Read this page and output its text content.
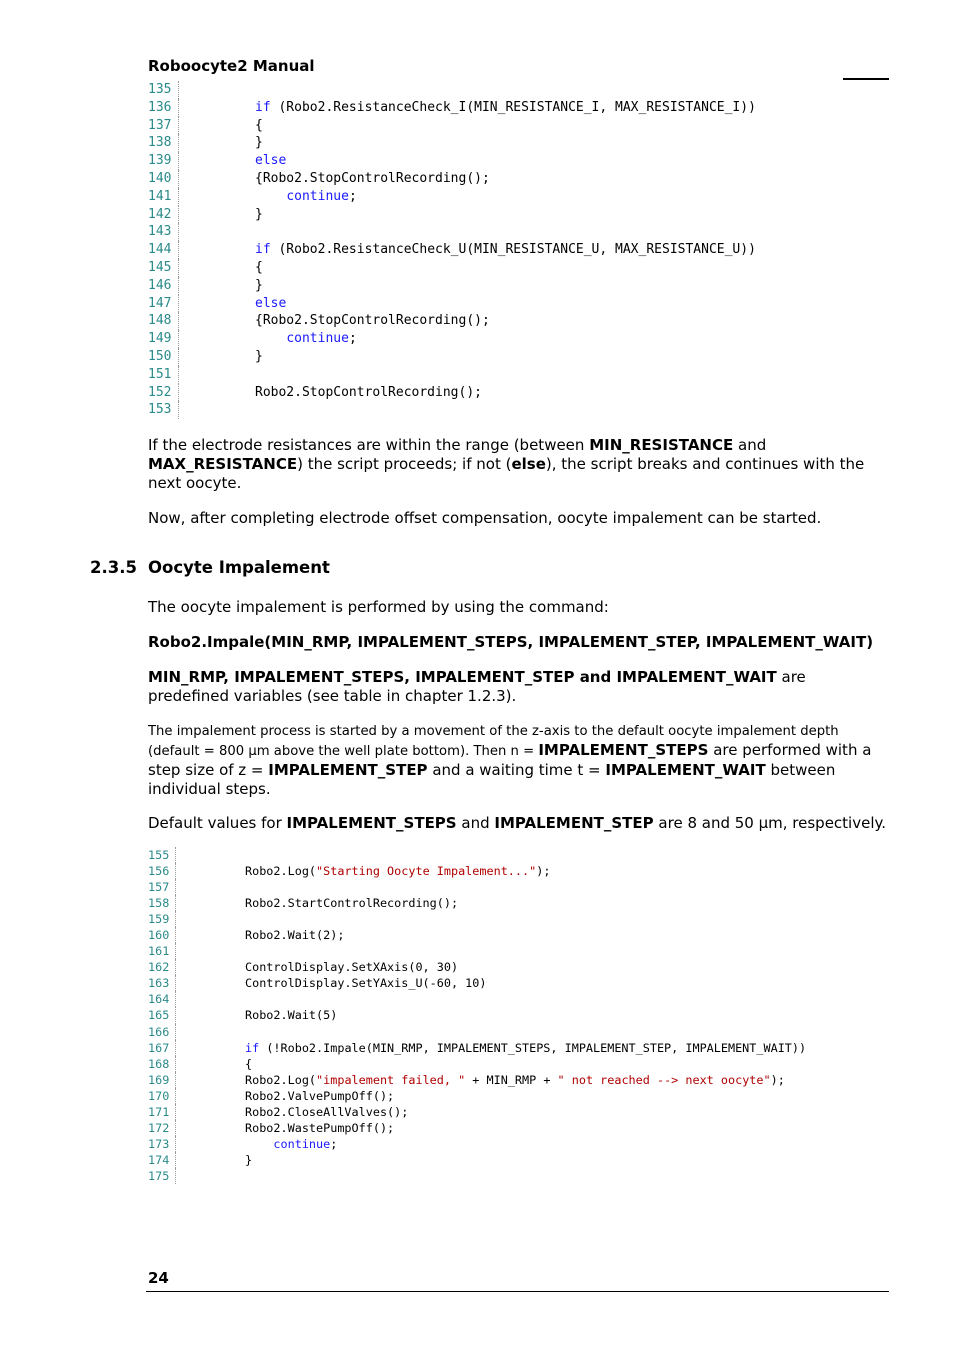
Roboocyte2 Manual
135
136	if (Robo2.ResistanceCheck_I(MIN_RESISTANCE_I, MAX_RESISTANCE_I))
137	{
138	}
139	else
140	{Robo2.StopControlRecording();
141	continue;
142	}
143
144	if (Robo2.ResistanceCheck_U(MIN_RESISTANCE_U, MAX_RESISTANCE_U))
145	{
146	}
147	else
148	{Robo2.StopControlRecording();
149	continue;
150	}
151
152	Robo2.StopControlRecording();
153
If the electrode resistances are within the range (between MIN_RESISTANCE and MAX_RESISTANCE) the script proceeds; if not (else), the script breaks and continues with the next oocyte.
Now, after completing electrode offset compensation, oocyte impalement can be started.
2.3.5 Oocyte Impalement
The oocyte impalement is performed by using the command:
Robo2.Impale(MIN_RMP, IMPALEMENT_STEPS, IMPALEMENT_STEP, IMPALEMENT_WAIT)
MIN_RMP, IMPALEMENT_STEPS, IMPALEMENT_STEP and IMPALEMENT_WAIT are predefined variables (see table in chapter 1.2.3).
The impalement process is started by a movement of the z-axis to the default oocyte impalement depth (default = 800 µm above the well plate bottom). Then n = IMPALEMENT_STEPS are performed with a step size of z = IMPALEMENT_STEP and a waiting time t = IMPALEMENT_WAIT between individual steps.
Default values for IMPALEMENT_STEPS and IMPALEMENT_STEP are 8 and 50 µm, respectively.
155
156	Robo2.Log("Starting Oocyte Impalement...");
157
158	Robo2.StartControlRecording();
159
160	Robo2.Wait(2);
161
162	ControlDisplay.SetXAxis(0, 30)
163	ControlDisplay.SetYAxis_U(-60, 10)
164
165	Robo2.Wait(5)
166
167	if (!Robo2.Impale(MIN_RMP, IMPALEMENT_STEPS, IMPALEMENT_STEP, IMPALEMENT_WAIT))
168	{
169	Robo2.Log("impalement failed, " + MIN_RMP + " not reached --> next oocyte");
170	Robo2.ValvePumpOff();
171	Robo2.CloseAllValves();
172	Robo2.WastePumpOff();
173	continue;
174	}
175
24
